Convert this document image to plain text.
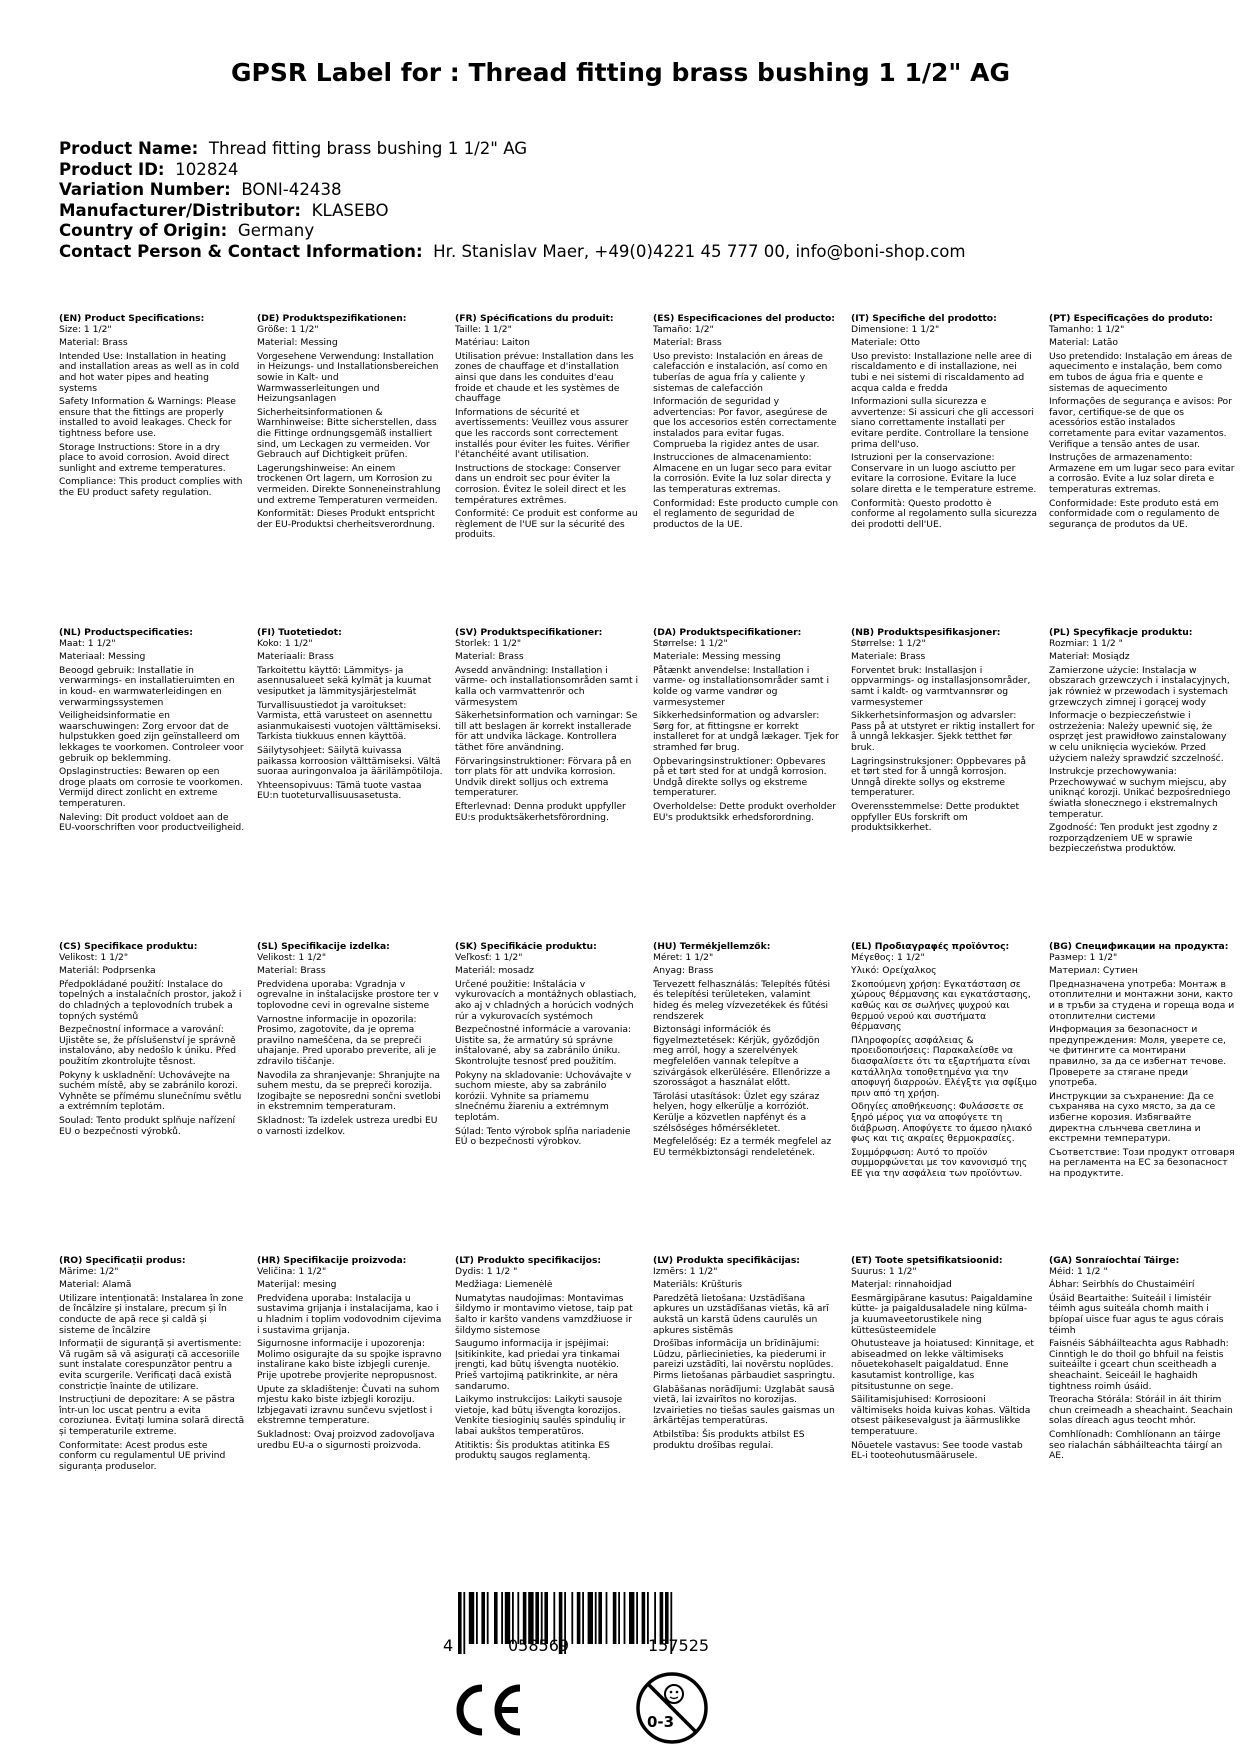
GPSR Label for : Thread fitting brass bushing 1 1/2" AG
Product Name: Thread fitting brass bushing 1 1/2" AG
Product ID: 102824
Variation Number: BONI-42438
Manufacturer/Distributor: KLASEBO
Country of Origin: Germany
Contact Person & Contact Information: Hr. Stanislav Maer, +49(0)4221 45 777 00, info@boni-shop.com
(EN) Product Specifications:

Size: 1 1/2"

Material: Brass

Intended Use: Installation in heating and installation areas as well as in cold and hot water pipes and heating systems

Safety Information & Warnings: Please ensure that the fittings are properly installed to avoid leakages. Check for tightness before use.

Storage Instructions: Store in a dry place to avoid corrosion. Avoid direct sunlight and extreme temperatures.

Compliance: This product complies with the EU product safety regulation.

(DE) Produktspezifikationen:

Größe: 1 1/2"

Material: Messing

Vorgesehene Verwendung: Installation in Heizungs- und Installationsbereichen sowie in Kalt- und Warmwasserleitungen und Heizungsanlagen

Sicherheitsinformationen & Warnhinweise: Bitte sicherstellen, dass die Fittinge ordnungsgemäß installiert sind, um Leckagen zu vermeiden. Vor Gebrauch auf Dichtigkeit prüfen.

Lagerungshinweise: An einem trockenen Ort lagern, um Korrosion zu vermeiden. Direkte Sonneneinstrahlung und extreme Temperaturen vermeiden.

Konformität: Dieses Produkt entspricht der EU-Produktsi cherheitsverordnung.

(FR) Spécifications du produit:

Taille: 1 1/2"

Matériau: Laiton

Utilisation prévue: Installation dans les zones de chauffage et d'installation ainsi que dans les conduites d'eau froide et chaude et les systèmes de chauffage

Informations de sécurité et avertissements: Veuillez vous assurer que les raccords sont correctement installés pour éviter les fuites. Vérifier l'étanchéité avant utilisation.

Instructions de stockage: Conserver dans un endroit sec pour éviter la corrosion. Évitez le soleil direct et les températures extrêmes.

Conformité: Ce produit est conforme au règlement de l'UE sur la sécurité des produits.

(ES) Especificaciones del producto:

Tamaño: 1/2"

Material: Brass

Uso previsto: Instalación en áreas de calefacción e instalación, así como en tuberías de agua fría y caliente y sistemas de calefacción

Información de seguridad y advertencias: Por favor, asegúrese de que los accesorios estén correctamente instalados para evitar fugas. Comprueba la rigidez antes de usar.

Instrucciones de almacenamiento: Almacene en un lugar seco para evitar la corrosión. Evite la luz solar directa y las temperaturas extremas.

Conformidad: Este producto cumple con el reglamento de seguridad de productos de la UE.

(IT) Specifiche del prodotto:

Dimensione: 1 1/2"

Materiale: Otto

Uso previsto: Installazione nelle aree di riscaldamento e di installazione, nei tubi e nei sistemi di riscaldamento ad acqua calda e fredda

Informazioni sulla sicurezza e avvertenze: Si assicuri che gli accessori siano correttamente installati per evitare perdite. Controllare la tensione prima dell'uso.

Istruzioni per la conservazione: Conservare in un luogo asciutto per evitare la corrosione. Evitare la luce solare diretta e le temperature estreme.

Conformità: Questo prodotto è conforme al regolamento sulla sicurezza dei prodotti dell'UE.

(PT) Especificações do produto:

Tamanho: 1 1/2"

Material: Latão

Uso pretendido: Instalação em áreas de aquecimento e instalação, bem como em tubos de água fria e quente e sistemas de aquecimento

Informações de segurança e avisos: Por favor, certifique-se de que os acessórios estão instalados corretamente para evitar vazamentos. Verifique a tensão antes de usar.

Instruções de armazenamento: Armazene em um lugar seco para evitar a corrosão. Evite a luz solar direta e temperaturas extremas.

Conformidade: Este produto está em conformidade com o regulamento de segurança de produtos da UE.

(NL) Productspecificaties:

Maat: 1 1/2"

Materiaal: Messing

Beoogd gebruik: Installatie in verwarmings- en installatieruimten en in koud- en warmwaterleidingen en verwarmingssystemen

Veiligheidsinformatie en waarschuwingen: Zorg ervoor dat de hulpstukken goed zijn geïnstalleerd om lekkages te voorkomen. Controleer voor gebruik op beklemming.

Opslaginstructies: Bewaren op een droge plaats om corrosie te voorkomen. Vermijd direct zonlicht en extreme temperaturen.

Naleving: Dit product voldoet aan de EU-voorschriften voor productveiligheid.

(FI) Tuotetiedot:

Koko: 1 1/2"

Materiaali: Brass

Tarkoitettu käyttö: Lämmitys- ja asennusalueet sekä kylmät ja kuumat vesiputket ja lämmitysjärjestelmät

Turvallisuustiedot ja varoitukset: Varmista, että varusteet on asennettu asianmukaisesti vuotojen välttämiseksi. Tarkista tiukkuus ennen käyttöä.

Säilytysohjeet: Säilytä kuivassa paikassa korroosion välttämiseksi. Vältä suoraa auringonvaloa ja äärilämpötiloja.

Yhteensopivuus: Tämä tuote vastaa EU:n tuoteturvallisuusasetusta.

(SV) Produktspecifikationer:

Storlek: 1 1/2"

Material: Brass

Avsedd användning: Installation i värme- och installationsområden samt i kalla och varmvattenrör och värmesystem

Säkerhetsinformation och varningar: Se till att beslagen är korrekt installerade för att undvika läckage. Kontrollera täthet före användning.

Förvaringsinstruktioner: Förvara på en torr plats för att undvika korrosion. Undvik direkt solljus och extrema temperaturer.

Efterlevnad: Denna produkt uppfyller EU:s produktsäkerhetsförordning.

(DA) Produktspecifikationer:

Størrelse: 1 1/2"

Materiale: Messing messing

Påtænkt anvendelse: Installation i varme- og installationsområder samt i kolde og varme vandrør og varmesystemer

Sikkerhedsinformation og advarsler: Sørg for, at fittingsne er korrekt installeret for at undgå lækager. Tjek for stramhed før brug.

Opbevaringsinstruktioner: Opbevares på et tørt sted for at undgå korrosion. Undgå direkte sollys og ekstreme temperaturer.

Overholdelse: Dette produkt overholder EU's produktsikk erhedsforordning.

(NB) Produktspesifikasjoner:

Størrelse: 1 1/2"

Materiale: Brass

Forventet bruk: Installasjon i oppvarmings- og installasjonsområder, samt i kaldt- og varmtvannsrør og varmesystemer

Sikkerhetsinformasjon og advarsler: Pass på at utstyret er riktig installert for å unngå lekkasjer. Sjekk tetthet før bruk.

Lagringsinstruksjoner: Oppbevares på et tørt sted for å unngå korrosjon. Unngå direkte sollys og ekstreme temperaturer.

Overensstemmelse: Dette produktet oppfyller EUs forskrift om produktsikkerhet.

(PL) Specyfikacje produktu:

Rozmiar: 1 1/2 "

Materiał: Mosiądz

Zamierzone użycie: Instalacja w obszarach grzewczych i instalacyjnych, jak również w przewodach i systemach grzewczych zimnej i gorącej wody

Informacje o bezpieczeństwie i ostrzeżenia: Należy upewnić się, że osprzęt jest prawidłowo zainstalowany w celu uniknięcia wycieków. Przed użyciem należy sprawdzić szczelność.

Instrukcje przechowywania: Przechowywać w suchym miejscu, aby uniknąć korozji. Unikać bezpośredniego światła słonecznego i ekstremalnych temperatur.

Zgodność: Ten produkt jest zgodny z rozporządzeniem UE w sprawie bezpieczeństwa produktów.

(CS) Specifikace produktu:

Velikost: 1 1/2"

Materiál: Podprsenka

Předpokládané použití: Instalace do topelných a instalačních prostor, jakož i do chladných a teplovodních trubek a topných systémů

Bezpečnostní informace a varování: Ujistěte se, že příslušenství je správně instalováno, aby nedošlo k úniku. Před použitím zkontrolujte těsnost.

Pokyny k uskladnění: Uchovávejte na suchém místě, aby se zabránilo korozi. Vyhněte se přímému slunečnímu světlu a extrémním teplotám.

Soulad: Tento produkt splňuje nařízení EU o bezpečnosti výrobků.

(SL) Specifikacije izdelka:

Velikost: 1 1/2"

Material: Brass

Predvidena uporaba: Vgradnja v ogrevalne in inštalacijske prostore ter v toplovodne cevi in ogrevalne sisteme

Varnostne informacije in opozorila: Prosimo, zagotovite, da je oprema pravilno nameščena, da se prepreči uhajanje. Pred uporabo preverite, ali je zdravilo tiščanje.

Navodila za shranjevanje: Shranjujte na suhem mestu, da se prepreči korozija. Izogibajte se neposredni sončni svetlobi in ekstremnim temperaturam.

Skladnost: Ta izdelek ustreza uredbi EU o varnosti izdelkov.

(SK) Špecifikácie produktu:

Veľkosť: 1 1/2"

Materiál: mosadz

Určené použitie: Inštalácia v vykurovacích a montážnych oblastiach, ako aj v chladných a horúcich vodných rúr a vykurovacích systémoch

Bezpečnostné informácie a varovania: Uistite sa, že armatúry sú správne inštalované, aby sa zabránilo úniku. Skontrolujte tesnosť pred použitím.

Pokyny na skladovanie: Uchovávajte v suchom mieste, aby sa zabránilo korózii. Vyhnite sa priamemu slnečnému žiareniu a extrémnym teplotám.

Súlad: Tento výrobok spĺňa nariadenie EÚ o bezpečnosti výrobkov.

(HU) Termékjellemzők:

Méret: 1 1/2"

Anyag: Brass

Tervezett felhasználás: Telepítés fűtési és telepítési területeken, valamint hideg és meleg vízvezetékek és fűtési rendszerek

Biztonsági információk és figyelmeztetések: Kérjük, győződjön meg arról, hogy a szerelvények megfelelően vannak telepítve a szivárgások elkerülésére. Ellenőrizze a szorosságot a használat előtt.

Tárolási utasítások: Üzlet egy száraz helyen, hogy elkerülje a korróziót. Kerülje a közvetlen napfényt és a szélsőséges hőmérsékletet.

Megfelelőség: Ez a termék megfelel az EU termékbiztonsági rendeletének.

(EL) Προδιαγραφές προϊόντος:

Μέγεθος: 1 1/2"

Υλικό: Ορείχαλκος

Σκοπούμενη χρήση: Εγκατάσταση σε χώρους θέρμανσης και εγκατάστασης, καθώς και σε σωλήνες ψυχρού και θερμού νερού και συστήματα θέρμανσης

Πληροφορίες ασφάλειας & προειδοποιήσεις: Παρακαλείσθε να διασφαλίσετε ότι τα εξαρτήματα είναι κατάλληλα τοποθετημένα για την αποφυγή διαρροών. Ελέγξτε για σφίξιμο πριν από τη χρήση.

Οδηγίες αποθήκευσης: Φυλάσσετε σε ξηρό μέρος για να αποφύγετε τη διάβρωση. Αποφύγετε το άμεσο ηλιακό φως και τις ακραίες θερμοκρασίες.

Συμμόρφωση: Αυτό το προϊόν συμμορφώνεται με τον κανονισμό της ΕΕ για την ασφάλεια των προϊόντων.

(BG) Спецификации на продукта:

Размер: 1 1/2"

Материал: Сутиен

Предназначена употреба: Монтаж в отоплителни и монтажни зони, както и в тръби за студена и гореща вода и отоплителни системи

Информация за безопасност и предупреждения: Моля, уверете се, че фитингите са монтирани правилно, за да се избегнат течове. Проверете за стягане преди употреба.

Инструкции за съхранение: Да се съхранява на сухо място, за да се избегне корозия. Избягвайте директна слънчева светлина и екстремни температури.

Съответствие: Този продукт отговаря на регламента на ЕС за безопасност на продуктите.

(RO) Specificații produs:

Mărime: 1/2"

Material: Alamă

Utilizare intenționată: Instalarea în zone de încălzire și instalare, precum și în conducte de apă rece și caldă și sisteme de încălzire

Informații de siguranță și avertismente: Vă rugăm să vă asigurați că accesoriile sunt instalate corespunzător pentru a evita scurgerile. Verificați dacă există constricție înainte de utilizare.

Instrucțiuni de depozitare: A se păstra într-un loc uscat pentru a evita coroziunea. Evitați lumina solară directă și temperaturile extreme.

Conformitate: Acest produs este conform cu regulamentul UE privind siguranța produselor.

(HR) Specifikacije proizvoda:

Veličina: 1 1/2"

Materijal: mesing

Predviđena uporaba: Instalacija u sustavima grijanja i instalacijama, kao i u hladnim i toplim vodovodnim cijevima i sustavima grijanja.

Sigurnosne informacije i upozorenja: Molimo osigurajte da su spojke ispravno instalirane kako biste izbjegli curenje. Prije upotrebe provjerite nepropusnost.

Upute za skladištenje: Čuvati na suhom mjestu kako biste izbjegli koroziju. Izbjegavati izravnu sunčevu svjetlost i ekstremne temperature.

Sukladnost: Ovaj proizvod zadovoljava uredbu EU-a o sigurnosti proizvoda.

(LT) Produkto specifikacijos:

Dydis: 1 1/2 "

Medžiaga: Liemenėlė

Numatytas naudojimas: Montavimas šildymo ir montavimo vietose, taip pat šalto ir karšto vandens vamzdžiuose ir šildymo sistemose

Saugumo informacija ir įspėjimai: Įsitikinkite, kad priedai yra tinkamai įrengti, kad būtų išvengta nuotėkio. Prieš vartojimą patikrinkite, ar nėra sandarumo.

Laikymo instrukcijos: Laikyti sausoje vietoje, kad būtų išvengta korozijos. Venkite tiesioginių saulės spindulių ir labai aukštos temperatūros.

Atitiktis: Šis produktas atitinka ES produktų saugos reglamentą.

(LV) Produkta specifikācijas:

Izmērs: 1 1/2"

Materiāls: Krūšturis

Paredzētā lietošana: Uzstādīšana apkures un uzstādīšanas vietās, kā arī aukstā un karstā ūdens caurulēs un apkures sistēmās

Drošības informācija un brīdinājumi: Lūdzu, pārliecinieties, ka piederumi ir pareizi uzstādīti, lai novērstu noplūdes. Pirms lietošanas pārbaudiet saspringtu.

Glabāšanas norādījumi: Uzglabāt sausā vietā, lai izvairītos no korozijas. Izvairieties no tiešas saules gaismas un ārkārtējas temperatūras.

Atbilstība: Šis produkts atbilst ES produktu drošības regulai.

(ET) Toote spetsifikatsioonid:

Suurus: 1 1/2"

Materjal: rinnahoidjad

Eesmärgipärane kasutus: Paigaldamine kütte- ja paigaldusaladele ning külma- ja kuumaveetorustikele ning küttesüsteemidele

Ohutusteave ja hoiatused: Kinnitage, et abiseadmed on lekke vältimiseks nõuetekohaselt paigaldatud. Enne kasutamist kontrollige, kas pitsitustunne on sege.

Säilitamisjuhised: Korrosiooni vältimiseks hoida kuivas kohas. Vältida otsest päikesevalgust ja äärmuslikke temperatuure.

Nõuetele vastavus: See toode vastab EL-i tooteohutusmäärusele.

(GA) Sonraíochtaí Táirge:

Méid: 1 1/2 "

Ábhar: Seirbhís do Chustaiméirí

Úsáid Beartaithe: Suiteáil i limistéir téimh agus suiteála chomh maith i bpíopaí uisce fuar agus te agus córais téimh

Faisnéis Sábháilteachta agus Rabhadh: Cinntigh le do thoil go bhfuil na feistis suiteáilte i gceart chun sceitheadh a sheachaint. Seiceáil le haghaidh tightness roimh úsáid.

Treoracha Stórála: Stóráil in áit thirim chun creimeadh a sheachaint. Seachain solas díreach agus teocht mhór.

Comhlíonadh: Comhlíonann an táirge seo rialachán sábháilteachta táirgí an AE.

4	058569	157525
0-3
